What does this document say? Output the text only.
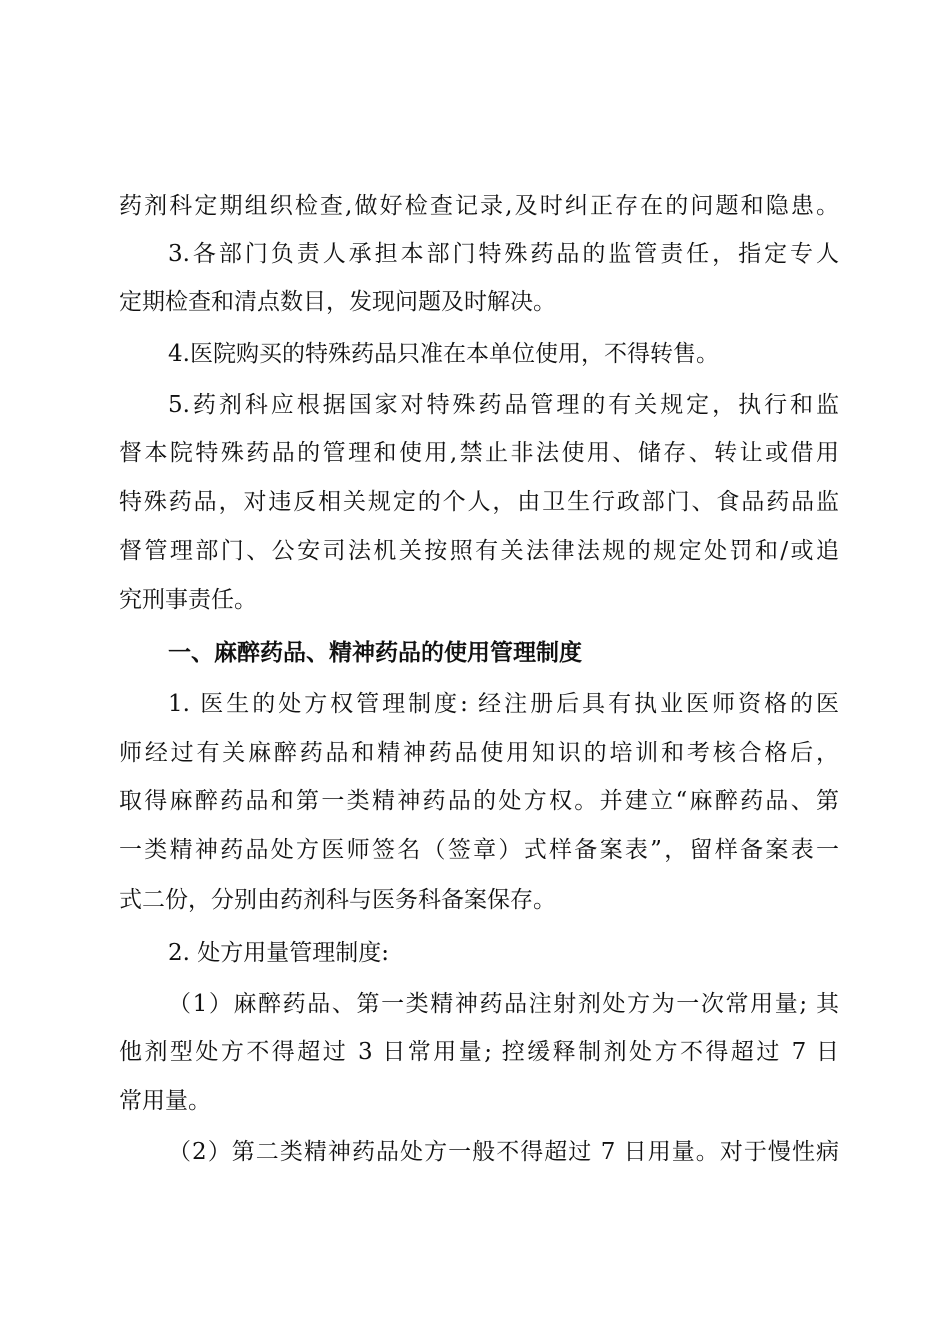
药剂科定期组织检查,做好检查记录,及时纠正存在的问题和隐患。
3.各部门负责人承担本部门特殊药品的监管责任，指定专人
定期检查和清点数目，发现问题及时解决。
4.医院购买的特殊药品只准在本单位使用，不得转售。
5.药剂科应根据国家对特殊药品管理的有关规定，执行和监
督本院特殊药品的管理和使用,禁止非法使用、储存、转让或借用
特殊药品，对违反相关规定的个人，由卫生行政部门、食品药品监
督管理部门、公安司法机关按照有关法律法规的规定处罚和/或追
究刑事责任。
一、麻醉药品、精神药品的使用管理制度
1. 医生的处方权管理制度: 经注册后具有执业医师资格的医
师经过有关麻醉药品和精神药品使用知识的培训和考核合格后，
取得麻醉药品和第一类精神药品的处方权。并建立“麻醉药品、第
一类精神药品处方医师签名（签章）式样备案表”，留样备案表一
式二份，分别由药剂科与医务科备案保存。
2. 处方用量管理制度:
（1）麻醉药品、第一类精神药品注射剂处方为一次常用量; 其
他剂型处方不得超过 3 日常用量; 控缓释制剂处方不得超过 7 日
常用量。
（2）第二类精神药品处方一般不得超过 7 日用量。对于慢性病
